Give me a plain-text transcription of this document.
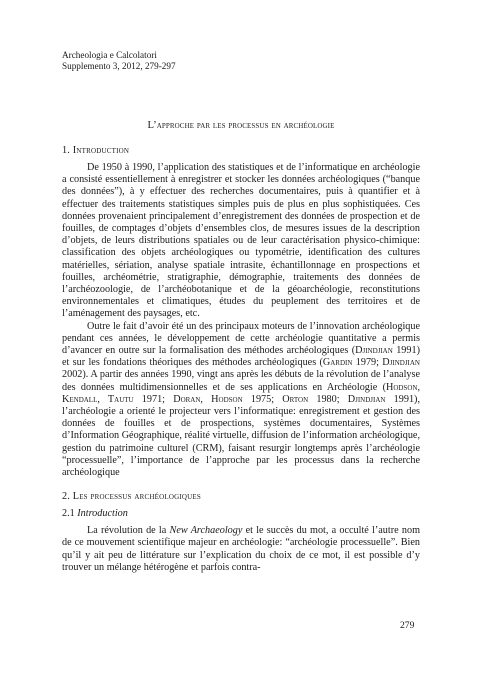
Archeologia e Calcolatori
Supplemento 3, 2012, 279-297
L’approche par les processus en archéologie
1. Introduction

De 1950 à 1990, l’application des statistiques et de l’informatique en archéologie a consisté essentiellement à enregistrer et stocker les données archéologiques (“banque des données”), à y effectuer des recherches documentaires, puis à quantifier et à effectuer des traitements statistiques simples puis de plus en plus sophistiquées. Ces données provenaient principalement d’enregistrement des données de prospection et de fouilles, de comptages d’objets d’ensembles clos, de mesures issues de la description d’objets, de leurs distributions spatiales ou de leur caractérisation physico-chimique: classification des objets archéologiques ou typométrie, identification des cultures matérielles, sériation, analyse spatiale intrasite, échantillonnage en prospections et fouilles, archéométrie, stratigraphie, démographie, traitements des données de l’archéozoologie, de l’archéobotanique et de la géoarchéologie, reconstitutions environnementales et climatiques, études du peuplement des territoires et de l’aménagement des paysages, etc.

Outre le fait d’avoir été un des principaux moteurs de l’innovation archéologique pendant ces années, le développement de cette archéologie quantitative a permis d’avancer en outre sur la formalisation des méthodes archéologiques (Djindjian 1991) et sur les fondations théoriques des méthodes archéologiques (Gardin 1979; Djindjian 2002). A partir des années 1990, vingt ans après les débuts de la révolution de l’analyse des données multidimensionnelles et de ses applications en Archéologie (Hodson, Kendall, Tautu 1971; Doran, Hodson 1975; Orton 1980; Djindjian 1991), l’archéologie a orienté le projecteur vers l’informatique: enregistrement et gestion des données de fouilles et de prospections, systèmes documentaires, Systèmes d’Information Géographique, réalité virtuelle, diffusion de l’information archéologique, gestion du patrimoine culturel (CRM), faisant resurgir longtemps après l’archéologie “processuelle”, l’importance de l’approche par les processus dans la recherche archéologique

2. Les processus archéologiques
2.1 Introduction

La révolution de la New Archaeology et le succès du mot, a occulté l’autre nom de ce mouvement scientifique majeur en archéologie: “archéologie processuelle”. Bien qu’il y ait peu de littérature sur l’explication du choix de ce mot, il est possible d’y trouver un mélange hétérogène et parfois contra-

279
